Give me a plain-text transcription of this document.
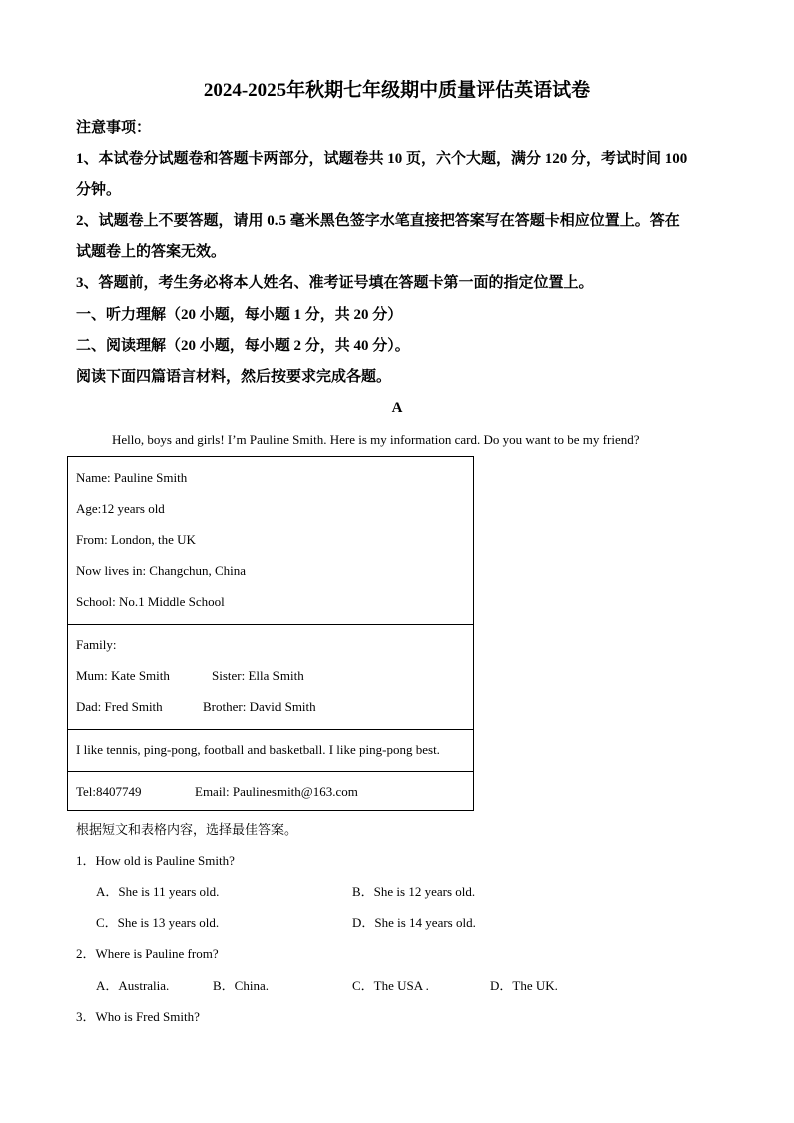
2024-2025年秋期七年级期中质量评估英语试卷
注意事项：
1、本试卷分试题卷和答题卡两部分，试题卷共 10 页，六个大题，满分 120 分，考试时间 100
分钟。
2、试题卷上不要答题，请用 0.5 毫米黑色签字水笔直接把答案写在答题卡相应位置上。答在
试题卷上的答案无效。
3、答题前，考生务必将本人姓名、准考证号填在答题卡第一面的指定位置上。
一、听力理解（20 小题，每小题 1 分，共 20 分）
二、阅读理解（20 小题，每小题 2 分，共 40 分）。
阅读下面四篇语言材料，然后按要求完成各题。
A
Hello, boys and girls! I’m Pauline Smith. Here is my information card. Do you want to be my friend?
Name: Pauline Smith
Age:12 years old
From: London, the UK
Now lives in: Changchun, China
School: No.1 Middle School
Family:
Mum: Kate Smith	Sister: Ella Smith
Dad: Fred Smith	Brother: David Smith
I like tennis, ping-pong, football and basketball. I like ping-pong best.
Tel:8407749	Email: Paulinesmith@163.com
根据短文和表格内容，选择最佳答案。
1．How old is Pauline Smith?
A．She is 11 years old.	B．She is 12 years old.
C．She is 13 years old.	D．She is 14 years old.
2．Where is Pauline from?
A．Australia.	B．China.	C．The USA .	D．The UK.
3．Who is Fred Smith?
